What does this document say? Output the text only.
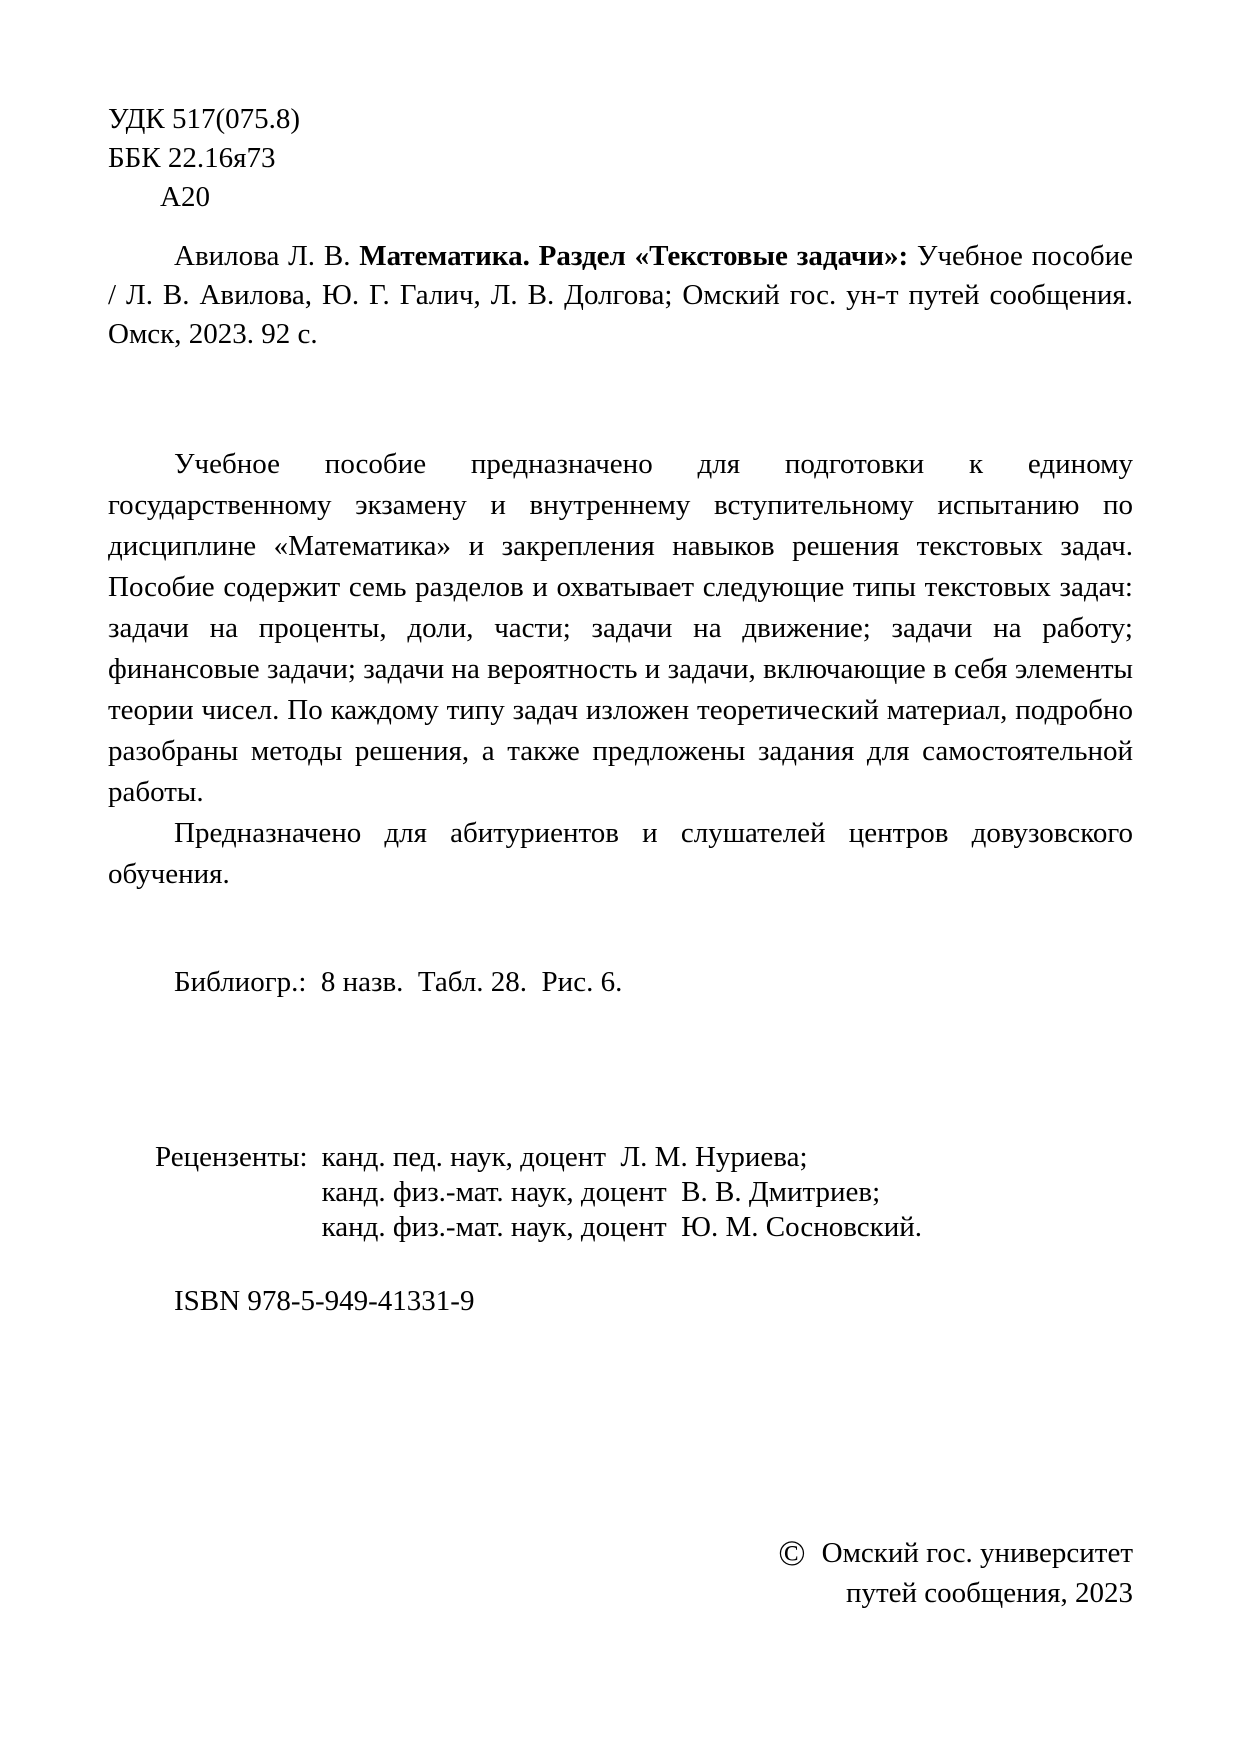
УДК 517(075.8)
ББК 22.16я73
А20
Авилова Л. В. Математика. Раздел «Текстовые задачи»: Учебное пособие / Л. В. Авилова, Ю. Г. Галич, Л. В. Долгова; Омский гос. ун-т путей сообщения. Омск, 2023. 92 с.

Учебное пособие предназначено для подготовки к единому государственному экзамену и внутреннему вступительному испытанию по дисциплине «Математика» и закрепления навыков решения текстовых задач. Пособие содержит семь разделов и охватывает следующие типы текстовых задач: задачи на проценты, доли, части; задачи на движение; задачи на работу; финансовые задачи; задачи на вероятность и задачи, включающие в себя элементы теории чисел. По каждому типу задач изложен теоретический материал, подробно разобраны методы решения, а также предложены задания для самостоятельной работы.

Предназначено для абитуриентов и слушателей центров довузовского обучения.

Библиогр.:  8 назв.  Табл. 28.  Рис. 6.
Рецензенты: канд. пед. наук, доцент  Л. М. Нуриева;
канд. физ.-мат. наук, доцент  В. В. Дмитриев;
канд. физ.-мат. наук, доцент  Ю. М. Сосновский.
ISBN 978-5-949-41331-9
© Омский гос. университет
путей сообщения, 2023
